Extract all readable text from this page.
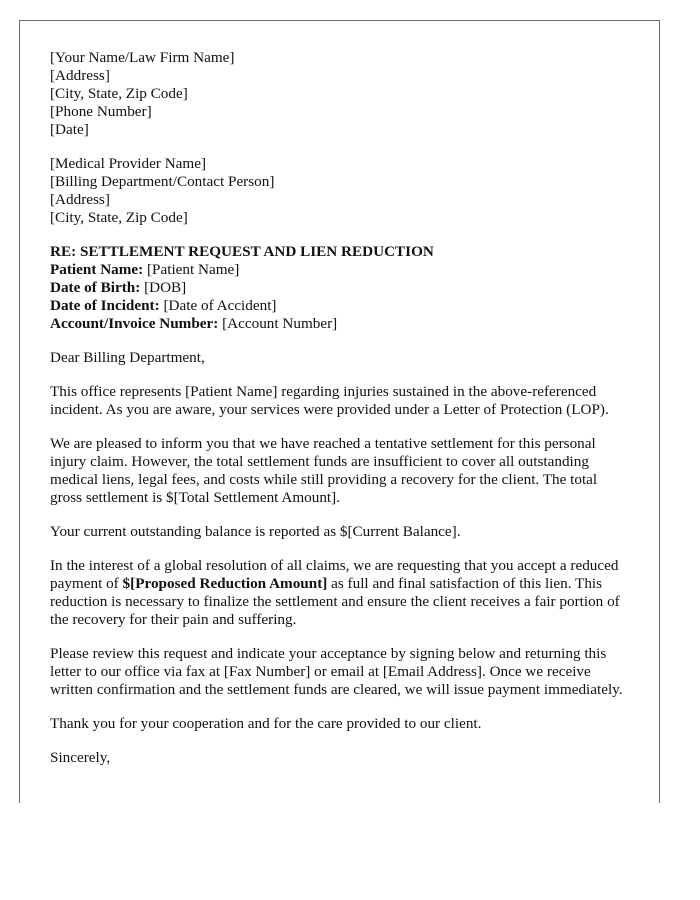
[Your Name/Law Firm Name]
[Address]
[City, State, Zip Code]
[Phone Number]
[Date]
[Medical Provider Name]
[Billing Department/Contact Person]
[Address]
[City, State, Zip Code]
RE: SETTLEMENT REQUEST AND LIEN REDUCTION
Patient Name: [Patient Name]
Date of Birth: [DOB]
Date of Incident: [Date of Accident]
Account/Invoice Number: [Account Number]

Dear Billing Department,

This office represents [Patient Name] regarding injuries sustained in the above-referenced incident. As you are aware, your services were provided under a Letter of Protection (LOP).

We are pleased to inform you that we have reached a tentative settlement for this personal injury claim. However, the total settlement funds are insufficient to cover all outstanding medical liens, legal fees, and costs while still providing a recovery for the client. The total gross settlement is $[Total Settlement Amount].

Your current outstanding balance is reported as $[Current Balance].

In the interest of a global resolution of all claims, we are requesting that you accept a reduced payment of $[Proposed Reduction Amount] as full and final satisfaction of this lien. This reduction is necessary to finalize the settlement and ensure the client receives a fair portion of the recovery for their pain and suffering.

Please review this request and indicate your acceptance by signing below and returning this letter to our office via fax at [Fax Number] or email at [Email Address]. Once we receive written confirmation and the settlement funds are cleared, we will issue payment immediately.

Thank you for your cooperation and for the care provided to our client.

Sincerely,
